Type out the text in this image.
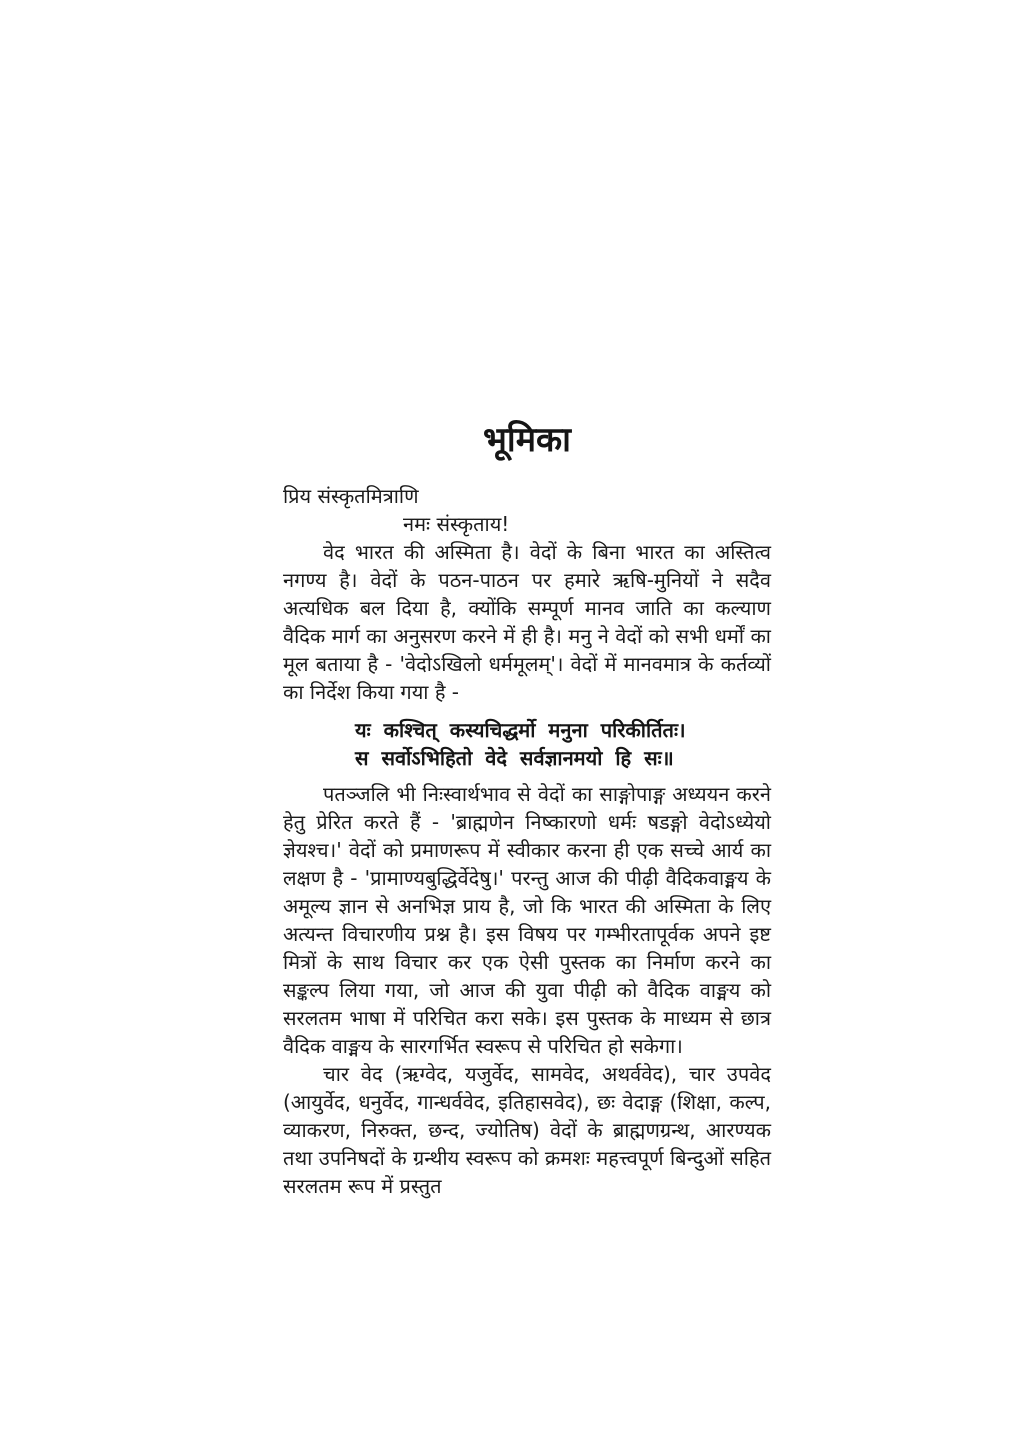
भूमिका

प्रिय संस्कृतमित्राणि

नमः संस्कृताय!

वेद भारत की अस्मिता है। वेदों के बिना भारत का अस्तित्व नगण्य है। वेदों के पठन-पाठन पर हमारे ऋषि-मुनियों ने सदैव अत्यधिक बल दिया है, क्योंकि सम्पूर्ण मानव जाति का कल्याण वैदिक मार्ग का अनुसरण करने में ही है। मनु ने वेदों को सभी धर्मों का मूल बताया है - 'वेदोऽखिलो धर्ममूलम्'। वेदों में मानवमात्र के कर्तव्यों का निर्देश किया गया है -

यः कश्चित् कस्यचिद्धर्मो मनुना परिकीर्तितः।

स सर्वोऽभिहितो वेदे सर्वज्ञानमयो हि सः॥

पतञ्जलि भी निःस्वार्थभाव से वेदों का साङ्गोपाङ्ग अध्ययन करने हेतु प्रेरित करते हैं - 'ब्राह्मणेन निष्कारणो धर्मः षडङ्गो वेदोऽध्येयो ज्ञेयश्च।' वेदों को प्रमाणरूप में स्वीकार करना ही एक सच्चे आर्य का लक्षण है - 'प्रामाण्यबुद्धिर्वेदेषु।' परन्तु आज की पीढ़ी वैदिकवाङ्मय के अमूल्य ज्ञान से अनभिज्ञ प्राय है, जो कि भारत की अस्मिता के लिए अत्यन्त विचारणीय प्रश्न है। इस विषय पर गम्भीरतापूर्वक अपने इष्ट मित्रों के साथ विचार कर एक ऐसी पुस्तक का निर्माण करने का सङ्कल्प लिया गया, जो आज की युवा पीढ़ी को वैदिक वाङ्मय को सरलतम भाषा में परिचित करा सके। इस पुस्तक के माध्यम से छात्र वैदिक वाङ्मय के सारगर्भित स्वरूप से परिचित हो सकेगा।

चार वेद (ऋग्वेद, यजुर्वेद, सामवेद, अथर्ववेद), चार उपवेद (आयुर्वेद, धनुर्वेद, गान्धर्ववेद, इतिहासवेद), छः वेदाङ्ग (शिक्षा, कल्प, व्याकरण, निरुक्त, छन्द, ज्योतिष) वेदों के ब्राह्मणग्रन्थ, आरण्यक तथा उपनिषदों के ग्रन्थीय स्वरूप को क्रमशः महत्त्वपूर्ण बिन्दुओं सहित सरलतम रूप में प्रस्तुत
